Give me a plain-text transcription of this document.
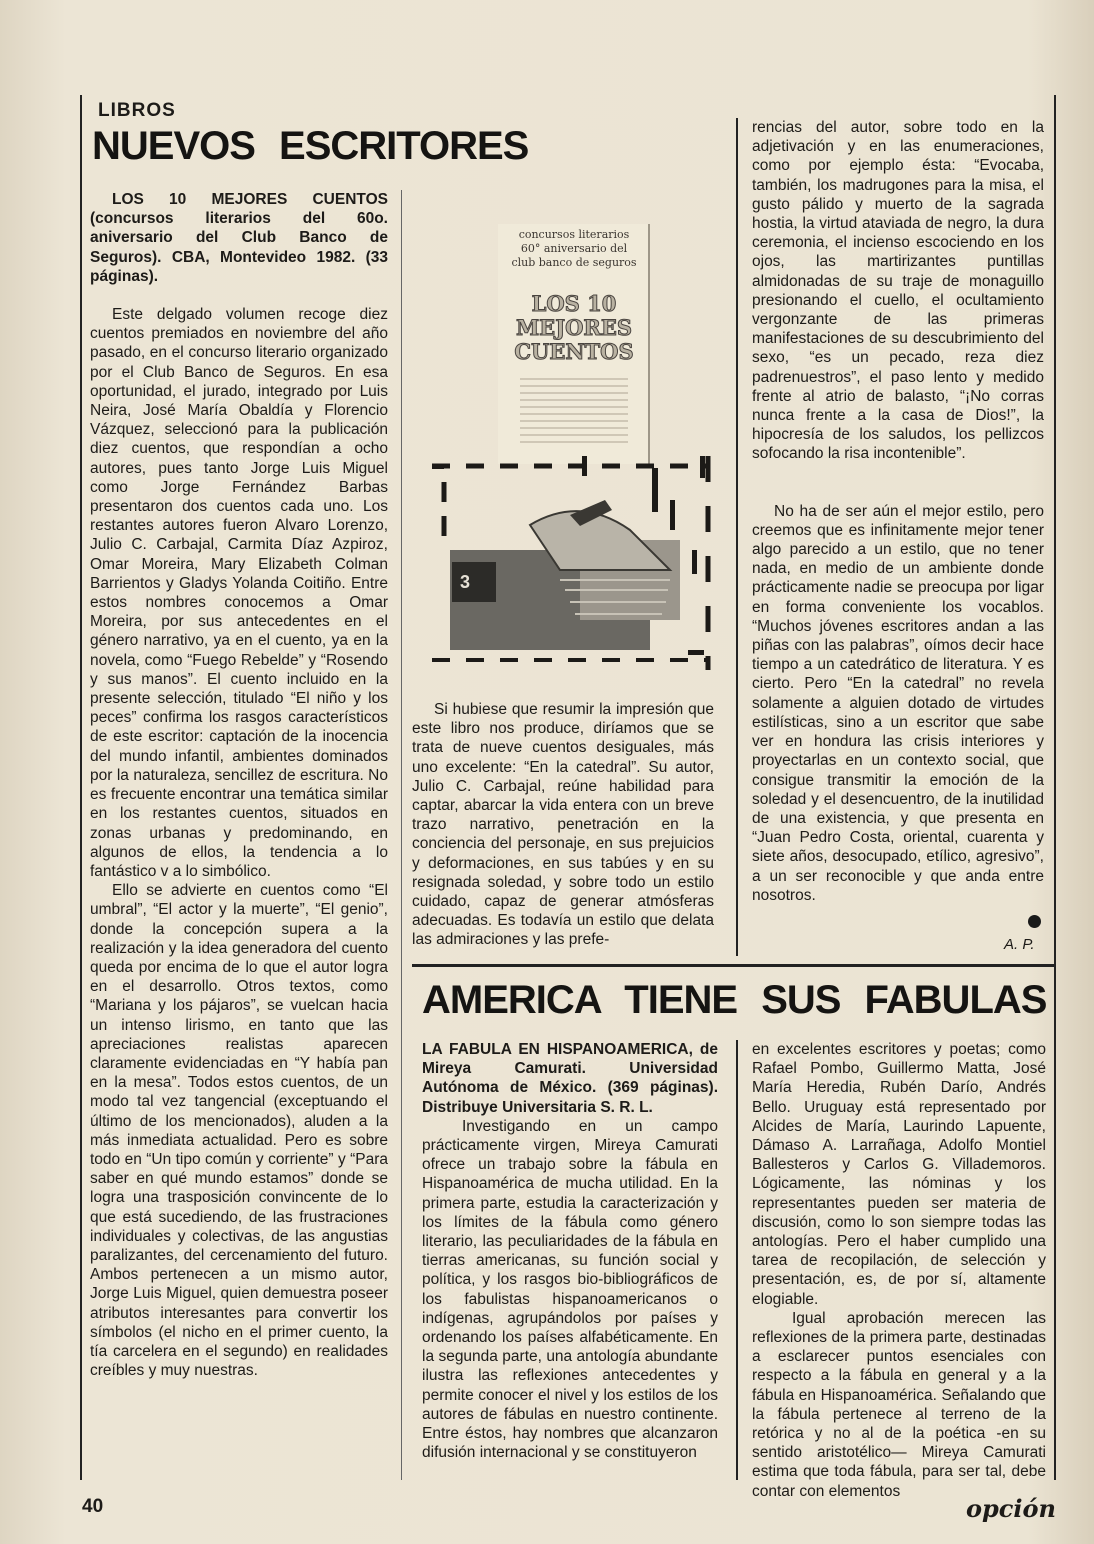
LIBROS
NUEVOS ESCRITORES

LOS 10 MEJORES CUENTOS (concursos literarios del 60o. aniversario del Club Banco de Seguros). CBA, Montevideo 1982. (33 páginas).

Este delgado volumen recoge diez cuentos premiados en noviembre del año pasado, en el concurso literario organizado por el Club Banco de Seguros. En esa oportunidad, el jurado, integrado por Luis Neira, José María Obaldía y Florencio Vázquez, seleccionó para la publicación diez cuentos, que respondían a ocho autores, pues tanto Jorge Luis Miguel como Jorge Fernández Barbas presentaron dos cuentos cada uno. Los restantes autores fueron Alvaro Lorenzo, Julio C. Carbajal, Carmita Díaz Azpiroz, Omar Moreira, Mary Elizabeth Colman Barrientos y Gladys Yolanda Coitiño. Entre estos nombres conocemos a Omar Moreira, por sus antecedentes en el género narrativo, ya en el cuento, ya en la novela, como “Fuego Rebelde” y “Rosendo y sus manos”. El cuento incluido en la presente selección, titulado “El niño y los peces” confirma los rasgos característicos de este escritor: captación de la inocencia del mundo infantil, ambientes dominados por la naturaleza, sencillez de escritura. No es frecuente encontrar una temática similar en los restantes cuentos, situados en zonas urbanas y predominando, en algunos de ellos, la tendencia a lo fantástico v a lo simbólico.

Ello se advierte en cuentos como “El umbral”, “El actor y la muerte”, “El genio”, donde la concepción supera a la realización y la idea generadora del cuento queda por encima de lo que el autor logra en el desarrollo. Otros textos, como “Mariana y los pájaros”, se vuelcan hacia un intenso lirismo, en tanto que las apreciaciones realistas aparecen claramente evidenciadas en “Y había pan en la mesa”. Todos estos cuentos, de un modo tal vez tangencial (exceptuando el último de los mencionados), aluden a la más inmediata actualidad. Pero es sobre todo en “Un tipo común y corriente” y “Para saber en qué mundo estamos” donde se logra una trasposición convincente de lo que está sucediendo, de las frustraciones individuales y colectivas, de las angustias paralizantes, del cercenamiento del futuro. Ambos pertenecen a un mismo autor, Jorge Luis Miguel, quien demuestra poseer atributos interesantes para convertir los símbolos (el nicho en el primer cuento, la tía carcelera en el segundo) en realidades creíbles y muy nuestras.

concursos literarios
60° aniversario del
club banco de seguros
LOS 10
MEJORES
CUENTOS
3

Si hubiese que resumir la impresión que este libro nos produce, diríamos que se trata de nueve cuentos desiguales, más uno excelente: “En la catedral”. Su autor, Julio C. Carbajal, reúne habilidad para captar, abarcar la vida entera con un breve trazo narrativo, penetración en la conciencia del personaje, en sus prejuicios y deformaciones, en sus tabúes y en su resignada soledad, y sobre todo un estilo cuidado, capaz de generar atmósferas adecuadas. Es todavía un estilo que delata las admiraciones y las prefe-

rencias del autor, sobre todo en la adjetivación y en las enumeraciones, como por ejemplo ésta: “Evocaba, también, los madrugones para la misa, el gusto pálido y muerto de la sagrada hostia, la virtud ataviada de negro, la dura ceremonia, el incienso escociendo en los ojos, las martirizantes puntillas almidonadas de su traje de monaguillo presionando el cuello, el ocultamiento vergonzante de las primeras manifestaciones de su descubrimiento del sexo, “es un pecado, reza diez padrenuestros”, el paso lento y medido frente al atrio de balasto, “¡No corras nunca frente a la casa de Dios!”, la hipocresía de los saludos, los pellizcos sofocando la risa incontenible”.

No ha de ser aún el mejor estilo, pero creemos que es infinitamente mejor tener algo parecido a un estilo, que no tener nada, en medio de un ambiente donde prácticamente nadie se preocupa por ligar en forma conveniente los vocablos. “Muchos jóvenes escritores andan a las piñas con las palabras”, oímos decir hace tiempo a un catedrático de literatura. Y es cierto. Pero “En la catedral” no revela solamente a alguien dotado de virtudes estilísticas, sino a un escritor que sabe ver en hondura las crisis interiores y proyectarlas en un contexto social, que consigue transmitir la emoción de la soledad y el desencuentro, de la inutilidad de una existencia, y que presenta en “Juan Pedro Costa, oriental, cuarenta y siete años, desocupado, etílico, agresivo”, a un ser reconocible y que anda entre nosotros.

A. P.
AMERICA TIENE SUS FABULAS

LA FABULA EN HISPANOAMERICA, de Mireya Camurati. Universidad Autónoma de México. (369 páginas). Distribuye Universitaria S. R. L.

Investigando en un campo prácticamente virgen, Mireya Camurati ofrece un trabajo sobre la fábula en Hispanoamérica de mucha utilidad. En la primera parte, estudia la caracterización y los límites de la fábula como género literario, las peculiaridades de la fábula en tierras americanas, su función social y política, y los rasgos bio-bibliográficos de los fabulistas hispanoamericanos o indígenas, agrupándolos por países y ordenando los países alfabéticamente. En la segunda parte, una antología abundante ilustra las reflexiones antecedentes y permite conocer el nivel y los estilos de los autores de fábulas en nuestro continente. Entre éstos, hay nombres que alcanzaron difusión internacional y se constituyeron

en excelentes escritores y poetas; como Rafael Pombo, Guillermo Matta, José María Heredia, Rubén Darío, Andrés Bello. Uruguay está representado por Alcides de María, Laurindo Lapuente, Dámaso A. Larrañaga, Adolfo Montiel Ballesteros y Carlos G. Villademoros. Lógicamente, las nóminas y los representantes pueden ser materia de discusión, como lo son siempre todas las antologías. Pero el haber cumplido una tarea de recopilación, de selección y presentación, es, de por sí, altamente elogiable.

Igual aprobación merecen las reflexiones de la primera parte, destinadas a esclarecer puntos esenciales con respecto a la fábula en general y a la fábula en Hispanoamérica. Señalando que la fábula pertenece al terreno de la retórica y no al de la poética -en su sentido aristotélico— Mireya Camurati estima que toda fábula, para ser tal, debe contar con elementos

40	opción
